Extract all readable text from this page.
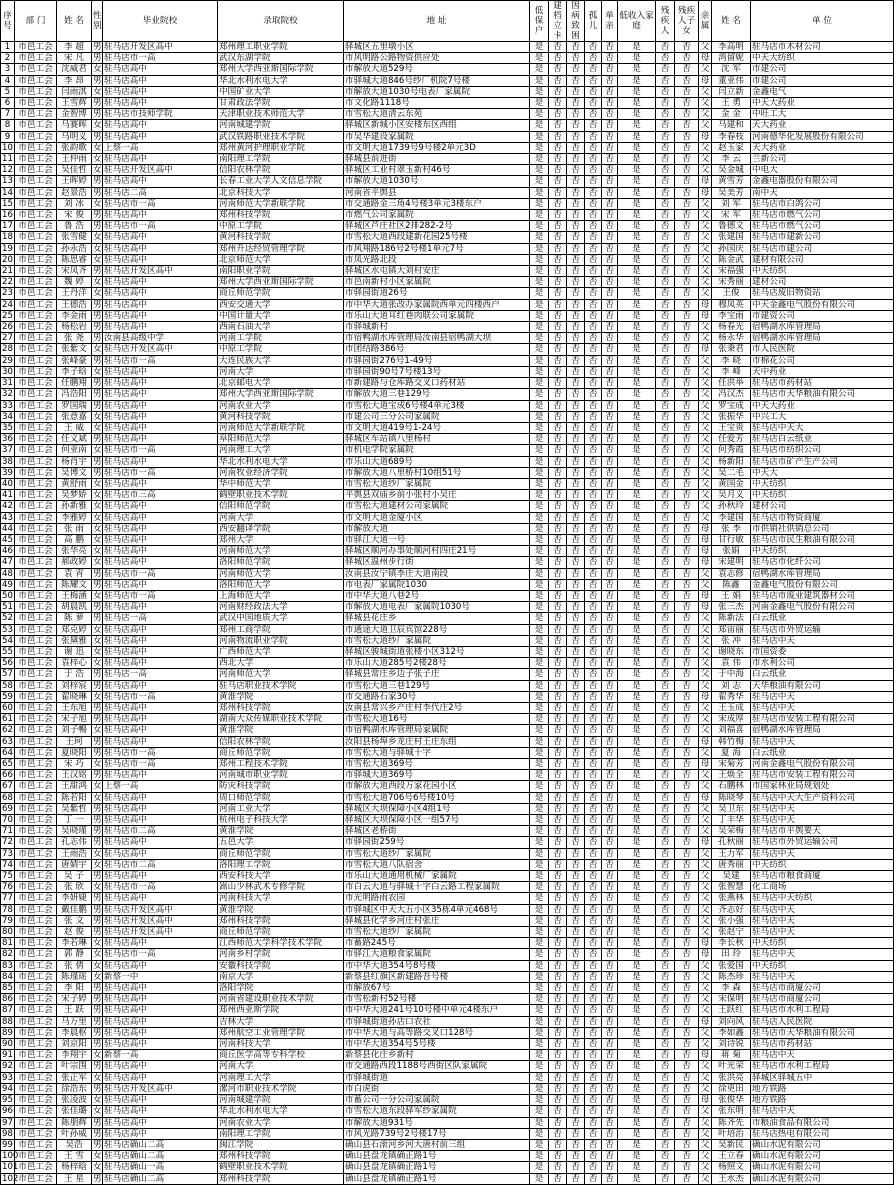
序号	部 门	姓 名	性别	毕业院校	录取院校	地 址	低保户	建档立卡	因病致困	孤儿	单亲	低收入家庭	残疾人	残疾人子女	亲属	姓 名	单 位
1	市邑工会	李 超	男	驻马店开发区高中	郑州理工职业学院	驿城区五里墩小区	是	否	否	否	否	是	否	否	父	李高明	驻马店市木材公司
2	市邑工会	宋 凡	男	驻马店市一高	武汉东湖学院	市风明路公路物资供应处	是	否	否	否	否	是	否	否	母	湾留妮	中天大纺织
3	市邑工会	沈威君	女	驻马店高中	郑州大学西亚斯国际学院	市解放大道529号	是	否	否	否	否	是	否	否	父	沈 军	市建公司
4	市邑工会	李 昂	男	驻马店高中	华北水利水电大学	市驿城大道846号纱厂机院7号楼	是	否	否	否	否	是	否	否	母	董亚伟	市建公司
5	市邑工会	闫雨淇	女	驻马店高中	中国矿业大学	市解放大道1030号电表厂家属院	是	否	否	否	否	是	否	否	父	闫立新	金鑫电气
6	市邑工会	王雪辉	男	驻马店高中	甘肃政法学院	市文化路1118号	是	否	否	否	否	是	否	否	父	王 勇	中天大药业
7	市邑工会	金智博	男	驻马店市技师学院	天津职业技术师范大学	市雪松大道清云东苑	是	否	否	否	否	是	否	否	父	金 金	中旺工大
8	市邑工会	马赛晖	女	驻马店高中	河南城建学院	驿城区新城小区安楼东区西组	是	否	否	否	否	是	否	否	父	马建和	天大药业
9	市邑工会	马明义	男	驻马店高中	武汉铁路职业技术学院	市吴华建设家属院	是	否	否	否	否	是	否	否	母	李春枝	河南德华化发展股份有限公司
10	市邑工会	张韵歌	女	上蔡一高	郑州黄河护理职业学院	市文明大道1739号9号楼2单元3D	是	否	否	否	否	是	否	否	父	赵玉家	天大药业
11	市邑工会	王仲雨	女	驻马店高中	南阳理工学院	驿城县前进街	是	否	否	否	否	是	否	否	父	李 云	兰新公司
12	市邑工会	吴佳哲	女	驻马店开发区高中	信阳农林学院	驿城区工业村翠玉新村46号	是	否	否	否	否	是	否	否	父	吴金城	中电大
13	市邑工会	王晖婷	男	驻马店高中	长春工业大学人文信息学院	市解放大道1030号	是	否	否	否	否	是	否	否	母	黄雪芳	金鑫电器股份有限公司
14	市邑工会	赵景浩	男	驻马店二高	北京科技大学	河南省平舆县	是	否	否	否	否	是	否	否	母	吴美芳	南中天
15	市邑工会	刘 冰	女	驻马店市一高	河南师范大学新联学院	市交通路金三角4号楼3单元3楼东户	是	否	否	否	否	是	否	否	父	刘 军	驻马店市白鸽公司
16	市邑工会	宋 俊	男	驻马店高中	郑州科技学院	市燃气公司家属院	是	否	否	否	否	是	否	否	父	宋 军	驻马店市燃气公司
17	市邑工会	鲁 浩	男	驻马店市一高	中原工学院	驿城区芦庄社区2排282-2号	是	否	否	否	否	是	否	否	父	鲁德文	驻马店市燃气公司
18	市邑工会	张雪健	女	驻马店高中	黄河科技学院	市雪松大道西段建新花园25号楼	是	否	否	否	否	是	否	否	父	张建国	驻马店市建新公司
19	市邑工会	孙永浩	女	驻马店高中	郑州升达经贸管理学院	市风翔路186号2号楼1单元7号	是	否	否	否	否	是	否	否	父	孙国庆	驻马店市建公司
20	市邑工会	陈思睿	女	驻马店高中	北京师范大学	市凤光路北段	是	否	否	否	否	是	否	否	父	陈金武	建材有限公司
21	市邑工会	宋凤齐	男	驻马店开发区高中	南阳职业学院	驿城区水屯镇大刘村安庄	是	否	否	否	否	是	否	否	父	宋福强	中天纺织
22	市邑工会	魏 婷	女	驻马店高中	郑州大学西亚斯国际学院	市邑南新村小区家属院	是	否	否	否	否	是	否	否	父	宋秀丽	建材公司
23	市邑工会	王丹洋	女	驻马店高中	商丘师范学院	市驿园街道26号	是	否	否	否	否	是	否	否	父	王俊	驻马店废旧物资站
24	市邑工会	王德浩	男	驻马店高中	西安交通大学	市中华大道张改办家属院西单元四楼西户	是	否	否	否	否	是	否	否	母	穆凤英	中天金鑫电气股份有限公司
25	市邑工会	李金雨	男	驻马店高中	中国计量大学	市乐山大道耳红巷肉联公司家属院	是	否	否	否	否	是	否	否	母	李宝雨	市建资公司
26	市邑工会	杨松岩	男	驻马店高中	西南石油大学	市驿城新村	是	否	否	否	否	是	否	否	父	杨春光	宿鸭湖水库管理局
27	市邑工会	张 尧	男	汝南县高级中学	河南工学院	市宿鸭湖水库管理局汝南县宿鸭湖大坝	是	否	否	否	否	是	否	否	父	杨永华	宿鸭湖水库管理局
28	市邑工会	张紫文	女	驻马店开发区高中	中原工学院	市团结路386号	是	否	否	否	否	是	否	否	母	张秉君	市人民医院
29	市邑工会	张峰豪	男	驻马店市一高	大连民族大学	市驿园街276号1-49号	是	否	否	否	否	是	否	否	父	李 晓	市棉花公司
30	市邑工会	李子晗	女	驻马店高中	河南大学	市驿园街90号7号楼13号	是	否	否	否	否	是	否	否	父	李 峰	天中药业
31	市邑工会	任鹏翔	男	驻马店高中	北京邮电大学	市新建路与仓库路交叉口药材站	是	否	否	否	否	是	否	否	父	任洪举	驻马店市药材站
32	市邑工会	冯浩阳	男	驻马店高中	郑州大学西亚斯国际学院	市解放大道三巷129号	是	否	否	否	否	是	否	否	父	冯汉杰	驻马店市天华粮油有限公司
33	市邑工会	罗国瑞	男	驻马店高中	河南农业大学	市雪松大道宝成6号楼4单元3楼	是	否	否	否	否	是	否	否	父	罗宝成	中天大药业
34	市邑工会	张意嘉	女	驻马店高中	黄河科技学院	市建公司三分公司家属院	是	否	否	否	否	是	否	否	父	张振华	中兴工大
35	市邑工会	王 威	女	驻马店高中	河南师范大学新联学院	市文明大道419号1-24号	是	否	否	否	否	是	否	否	父	王宝贵	驻马店中天大
36	市邑工会	任义斌	男	驻马店高中	阜阳师范大学	驿城区车站镇八里杨村	是	否	否	否	否	是	否	否	父	任爱芳	驻马店白云纸业
37	市邑工会	何亚南	女	驻马店市一高	河南理工大学	市机电学院家属院	是	否	否	否	否	是	否	否	父	何秀霞	驻马店市纺织公司
38	市邑工会	杨肖宇	男	驻马店高中	华北水利水电大学	市乐山大道689号	是	否	否	否	否	是	否	否	父	杨新阳	驻马店市矿产生产公司
39	市邑工会	吴博文	男	驻马店市一高	河南牧业经济学院	市解放大道八里桥村10组51号	是	否	否	否	否	是	否	否	父	吴二毛	中天大
40	市邑工会	黄舒雨	女	驻马店高中	华中师范大学	市雪松大道纱厂家属院	是	否	否	否	否	是	否	否	父	黄国金	中天纺织
41	市邑工会	吴梦娇	女	驻马店市三高	鹤壁职业技术学院	平舆县双庙乡前小张村小吴庄	是	否	否	否	否	是	否	否	父	吴月义	中天纺织
42	市邑工会	孙新雅	女	驻马店高中	信阳师范学院	市雪松大道建材公司家属院	是	否	否	否	否	是	否	否	父	孙秋玲	建材公司
43	市邑工会	李雅婷	女	驻马店高中	河南大学	市文明大道金厦小区	是	否	否	否	否	是	否	否	父	李建国	驻马店市物资商厦
44	市邑工会	张 雨	女	驻马店高中	西安翻译学院	市解放大道	是	否	否	否	否	是	否	否	母	张 李	市供销社供销总公司
45	市邑工会	高 鹏	女	驻马店高中	郑州大学	市驿江大道一号	是	否	否	否	否	是	否	否	母	甘行敏	驻马店市民生粮油有限公司
46	市邑工会	张华亮	女	驻马店高中	河南师范大学	驿城区顺河办事处顺河村四庄21号	是	否	否	否	否	是	否	否	母	张娟	中天纺织
47	市邑工会	郝政婷	女	驻马店高中	洛阳师范学院	驿城区温州步行街	是	否	否	否	否	是	否	否	母	宋建明	驻马店市化纤公司
48	市邑工会	袁 宵	男	驻马店市一高	河南师范大学	汝南县汝宁镇李庄大道南段	是	否	否	否	否	是	否	否	父	袁志修	宿鸭湖水库管理局
49	市邑工会	陈耀文	男	驻马店高中	洛阳师范大学	市电表厂家属院1030	是	否	否	否	否	是	否	否	父	陈鑫	金鑫电气股份有限公司
50	市邑工会	王梅涵	女	驻马店市一高	上海师范大学	市中华大道八巷2号	是	否	否	否	否	是	否	否	母	王 娟	驻马店市废业建筑器材公司
51	市邑工会	胡晨凯	男	驻马店高中	河南财经政法大学	市解放大道电表厂家属院1030号	是	否	否	否	否	是	否	否	母	张三杰	河南金鑫电气股份有限公司
52	市邑工会	陈 萝	男	驻马店一高	武汉中国地质大学	驿城县花庄乡	是	否	否	否	否	是	否	否	父	陈新法	白云纸业
53	市邑工会	郑克婷	女	驻马店高中	郑州工商学院	市通途大道卫辰宾馆228号	是	否	否	否	否	是	否	否	父	郑宙丽	驻马店市外贸运输
54	市邑工会	张黛雅	女	驻马店高中	河南物流职业学院	市雪松大道纱厂家属院	是	否	否	否	否	是	否	否	父	张 冲	驻马店中天
55	市邑工会	谢 迅	女	驻马店高中	广西师范大学	驿城区骏城街道张楼小区312号	是	否	否	否	否	是	否	否	父	谢晓东	市国资委
56	市邑工会	袁梓心	女	驻马店高中	西北大学	市乐山大道285号2楼28号	是	否	否	否	否	是	否	否	父	袁 伟	市水利公司
57	市邑工会	于 浩	男	驻马店一高	河南师范大学	驿城县常庄乡边子张子庄	是	否	否	否	否	是	否	否	父	于中海	白云纸业
58	市邑工会	刘梓宸	男	驻马店高中	驻马店职业技术学院	市雪松大道三巷129号	是	否	否	否	否	是	否	否	父	刘 志	天华粮油有限公司
59	市邑工会	翟晓琳	女	驻马店市一高	黄淮学院	市交通路石家30号	是	否	否	否	否	是	否	否	母	翟秀华	驻马店中天
60	市邑工会	王东旭	男	驻马店高中	郑州科技学院	汝南县常兴乡产庄村李代庄2号	是	否	否	否	否	是	否	否	父	王玉成	驻马店中天
61	市邑工会	宋子旭	男	驻马店高中	湖南大众传媒职业技术学院	市雪松大道16号	是	否	否	否	否	是	否	否	父	宋成厚	驻马店市安装工程有限公司
62	市邑工会	刘子暢	女	驻马店高中	黄淮学院	市宿鸭湖水库管理局家属院	是	否	否	否	否	是	否	否	父	刘福喜	宿鸭湖水库管理局
63	市邑工会	王珂	男	驻马店高中	信阳农林学院	汝阳县杨埠乡龙庄村王庄东组	是	否	否	否	否	是	否	否	母	韩竹梅	驻马店中天
64	市邑工会	夏晓阳	男	驻马店市一高	商丘师范学院	市雪松大道与驿城十字	是	否	否	否	否	是	否	否	父	夏 海	白云纸业
65	市邑工会	宋 巧	女	驻马店市一高	郑州工程技术学院	市雪松大道369号	是	否	否	否	否	是	否	否	母	宋菊芳	河南金鑫电气股份有限公司
66	市邑工会	王汉铭	男	驻马店高中	河南城市职业学院	市驿城大道369号	是	否	否	否	否	是	否	否	父	王焕全	驻马店市安装工程有限公司
67	市邑工会	王甜鸿	女	上蔡一高	防灾科技学院	市解放大道西段万家花园小区	是	否	否	否	否	是	否	否	父	石鹏林	市国家林业局规划处
68	市邑工会	陈若阳	女	驻马店高中	周口师范学院	市雪松大道706号6号楼10号	是	否	否	否	否	是	否	否	母	陈晓琴	驻马店中天大生产资料公司
69	市邑工会	吴紫哲	男	驻马店高中	河南工业大学	驿城区大坝保障小区4组1号	是	否	否	否	否	是	否	否	父	吴卫东	驻马店中天
70	市邑工会	丁 一	男	驻马店高中	杭州电子科技大学	驿城区大坝保障小区一组57号	是	否	否	否	否	是	否	否	父	丁丰华	驻马店中天
71	市邑工会	吴晓瑾	男	驻马店市二高	黄淮学院	驿城区老桥街	是	否	否	否	否	是	否	否	父	吴荣梅	驻马店市平舆要天
72	市邑工会	孔志伟	男	驻马店高中	五邑大学	市驿园街259号	是	否	否	否	否	是	否	否	母	孔秋丽	驻马店市外贸运输公司
73	市邑工会	王雨浩	女	驻马店高中	商丘师范学院	市雪松大道纱厂家属院	是	否	否	否	否	是	否	否	父	王力军	驻马店中天
74	市邑工会	唐婧宇	女	驻马店市二高	洛阳理工学院	市雪松大道八队宿舍	是	否	否	否	否	是	否	否	父	唐秀丽	中天纺织
75	市邑工会	吴 子	男	驻马店高中	西安科技大学	市乐山大道通用机械厂家属院	是	否	否	否	否	是	否	否	父	吴建	驻马店市粮食商厦
76	市邑工会	张 欣	女	驻马店市一高	嵩山少林武术专修学院	市白云大道与驿城十字白云路工程家属院	是	否	否	否	否	是	否	否	父	张智慧	化工商场
77	市邑工会	李妍婕	男	驻马店高中	河南科技大学	市光明路雨农园	是	否	否	否	否	是	否	否	父	张燕林	驻马店中天纺织
78	市邑工会	戴佳鹏	男	驻马店开发区高中	黄淮学院	市驿城区中天大五小区35栋4单元468号	是	否	否	否	否	是	否	否	父	齐志好	驻马店中天
79	市邑工会	张 文	男	驻马店开发区高中	郑州科技学院	驿城县化学乡河庄村张庄	是	否	否	否	否	是	否	否	父	张小强	驻马店中天
80	市邑工会	赵 俊	男	驻马店开发区高中	商丘师范学院	市雪松大道纱厂家属院	是	否	否	否	否	是	否	否	父	张赵宁	驻马店中天
81	市邑工会	李若琳	女	驻马店高中	江西师范大学科学技术学院	市蓄路245号	是	否	否	否	否	是	否	否	母	李长秋	中天纺织
82	市邑工会	郭 静	女	驻马店市一高	河南乡村学院	市驿江大道粮食家属院	是	否	否	否	否	是	否	否	母	田 玲	驻马店中天
83	市邑工会	张 倩	女	驻马店高中	安徽科技学院	市中华大道354号8号楼	是	否	否	否	否	是	否	否	父	张爱国	中天纺织
84	市邑工会	陈瑾瑶	女	新蔡一中	南京大学	新蔡县红旗区新建路吾号楼	是	否	否	否	否	是	否	否	父	陈杰珍	驻马店中天
85	市邑工会	李 阳	男	驻马店高中	洛阳学院	市解放67号	是	否	否	否	否	是	否	否	父	李 森	驻马店市商厦公司
86	市邑工会	宋子婷	男	驻马店高中	河南省建设职业技术学院	市雪松新村52号楼	是	否	否	否	否	是	否	否	父	宋保明	驻马店市商厦公司
87	市邑工会	王 跃	男	驻马店高中	郑州西亚斯学院	市中华大道241号10号楼中单元4楼东户	是	否	否	否	否	是	否	否	父	王跃红	驻马店市水利工程局
88	市邑工会	马万里	男	驻马店高中	吉林大学	市驿城街道孙店口农社	是	否	否	否	否	是	否	否	母	刘向风	驻马店人民医院
89	市邑工会	李晨枢	男	驻马店高中	郑州航空工业管理学院	市中华大道与高等路交叉口128号	是	否	否	否	否	是	否	否	父	李如鑫	驻马店市天华粮油有限公司
90	市邑工会	刘京阳	男	驻马店高中	河南科技大学	市中华大道354号5号楼	是	否	否	否	否	是	否	否	父	刘诗锐	驻马店市药材站
91	市邑工会	李翔宇	女	新蔡一高	商丘医学高等专科学校	新蔡县化庄乡新村	是	否	否	否	否	是	否	否	母	蒋 菊	驻马店中天
92	市邑工会	叶宗围	男	驻马店高中	河南大学	市交通路西段1188号西街区队家属院	是	否	否	否	否	是	否	否	父	叶光荣	驻马店市水利工程局
93	市邑工会	张正军	女	驻马店高中	河南理工大学	市驿城街道	是	否	否	否	否	是	否	否	父	张洪亮	驿城区驿城五中
94	市邑工会	徐浩东	男	驻马店开发区高中	漯河市职业技术学院	市白虎街	是	否	否	否	否	是	否	否	父	徐更田	地方铁路
95	市邑工会	张凌波	女	驻马店高中	河南城建学院	市蓄公司一分公司家属院	是	否	否	否	否	是	否	否	母	张俊华	地方铁路
96	市邑工会	张佳璐	女	驻马店高中	华北水利水电大学	市雪松大道东段驿军纱家属院	是	否	否	否	否	是	否	否	父	张东明	驻马店中天
97	市邑工会	陈朋辉	男	驻马店高中	河南农业大学	市解放大道931号	是	否	否	否	否	是	否	否	父	陈齐先	市粮油食品有限公司
98	市邑工会	叶孙威	男	驻马店高中	南阳理工学院	市风光路739号2号楼17号	是	否	否	否	否	是	否	否	父	叶培治	驻马店热电有限公司
99	市邑工会	吴浩	男	驻马店确山二高	闽江学院	确山县石滚河乡河大唐村前三组	是	否	否	否	否	是	否	否	父	吴新民	确山水泥有限公司
100	市邑工会	王 雪	女	驻马店确山二高	郑州科技学院	确山县盘龙镇确正路1号	是	否	否	否	否	是	否	否	父	王立春	确山水泥有限公司
101	市邑工会	杨梓晗	女	驻马店确山一高	鹤壁职业技术学院	确山县盘龙镇确正路1号	是	否	否	否	否	是	否	否	父	杨照文	确山水泥有限公司
102	市邑工会	王 星	男	驻马店确山二高	郑州科技学院	确山县盘龙镇确正路1号	是	否	否	否	否	是	否	否	父	王水杰	确山水泥有限公司
